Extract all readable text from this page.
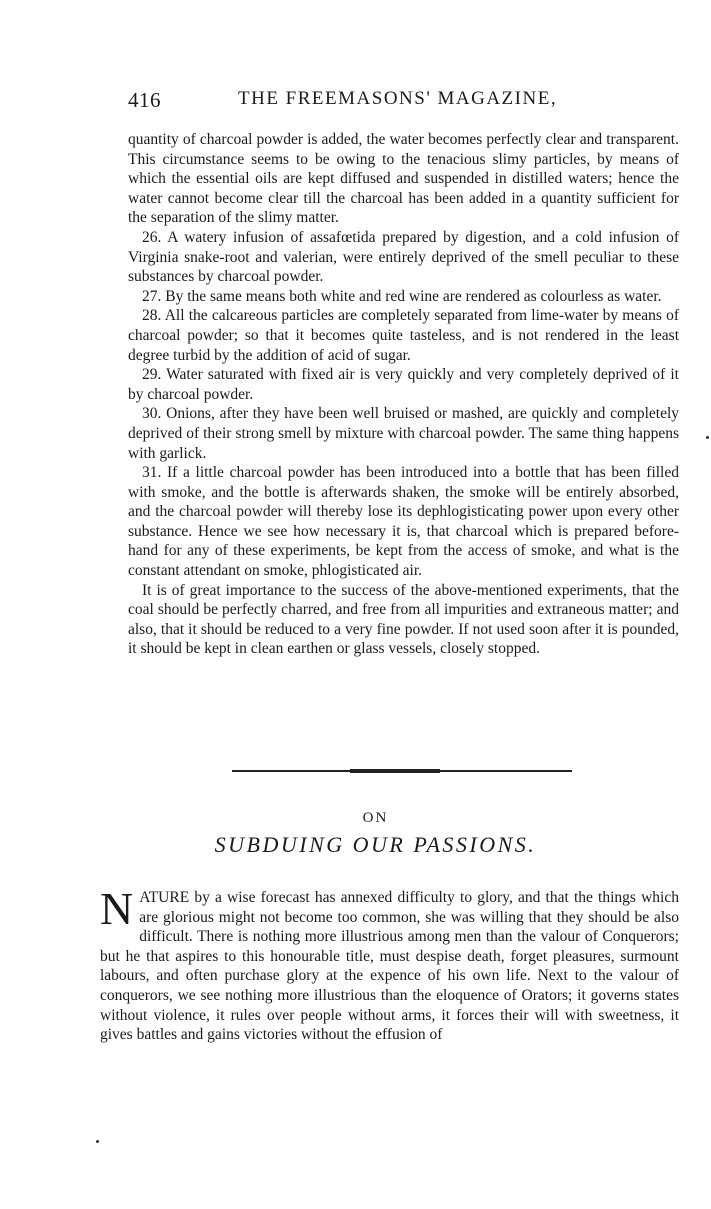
416	THE FREEMASONS' MAGAZINE,

quantity of charcoal powder is added, the water becomes perfectly clear and transparent. This circumstance seems to be owing to the tenacious slimy particles, by means of which the essential oils are kept diffused and suspended in distilled waters; hence the water cannot become clear till the charcoal has been added in a quantity sufficient for the separation of the slimy matter.

26. A watery infusion of assafœtida prepared by digestion, and a cold infusion of Virginia snake-root and valerian, were entirely deprived of the smell peculiar to these substances by charcoal powder.

27. By the same means both white and red wine are rendered as colourless as water.

28. All the calcareous particles are completely separated from lime-water by means of charcoal powder; so that it becomes quite tasteless, and is not rendered in the least degree turbid by the addition of acid of sugar.

29. Water saturated with fixed air is very quickly and very completely deprived of it by charcoal powder.

30. Onions, after they have been well bruised or mashed, are quickly and completely deprived of their strong smell by mixture with charcoal powder. The same thing happens with garlick.

31. If a little charcoal powder has been introduced into a bottle that has been filled with smoke, and the bottle is afterwards shaken, the smoke will be entirely absorbed, and the charcoal powder will thereby lose its dephlogisticating power upon every other substance. Hence we see how necessary it is, that charcoal which is prepared before-hand for any of these experiments, be kept from the access of smoke, and what is the constant attendant on smoke, phlogisticated air.

It is of great importance to the success of the above-mentioned experiments, that the coal should be perfectly charred, and free from all impurities and extraneous matter; and also, that it should be reduced to a very fine powder. If not used soon after it is pounded, it should be kept in clean earthen or glass vessels, closely stopped.

ON
SUBDUING OUR PASSIONS.
N ATURE by a wise forecast has annexed difficulty to glory, and that the things which are glorious might not become too common, she was willing that they should be also difficult. There is nothing more illustrious among men than the valour of Conquerors; but he that aspires to this honourable title, must despise death, forget pleasures, surmount labours, and often purchase glory at the expence of his own life. Next to the valour of conquerors, we see nothing more illustrious than the eloquence of Orators; it governs states without violence, it rules over people without arms, it forces their will with sweetness, it gives battles and gains victories without the effusion of
